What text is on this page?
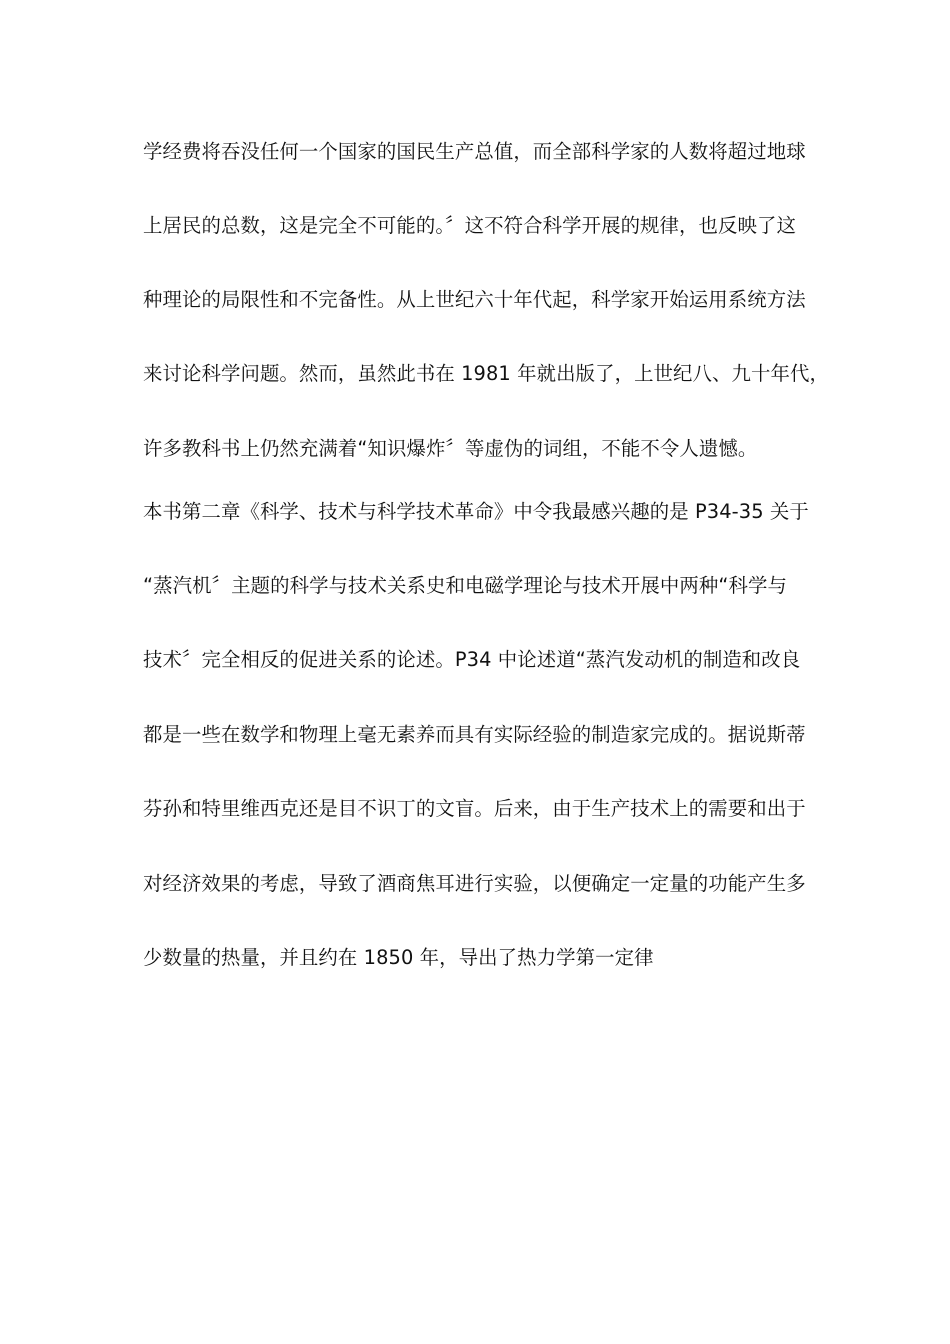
学经费将吞没任何一个国家的国民生产总值，而全部科学家的人数将超过地球
上居民的总数，这是完全不可能的。〞这不符合科学开展的规律，也反映了这
种理论的局限性和不完备性。从上世纪六十年代起，科学家开始运用系统方法
来讨论科学问题。然而，虽然此书在 1981 年就出版了，上世纪八、九十年代，
许多教科书上仍然充满着“知识爆炸〞等虚伪的词组，不能不令人遗憾。
本书第二章《科学、技术与科学技术革命》中令我最感兴趣的是 P34-35 关于
“蒸汽机〞主题的科学与技术关系史和电磁学理论与技术开展中两种“科学与
技术〞完全相反的促进关系的论述。P34 中论述道“蒸汽发动机的制造和改良
都是一些在数学和物理上毫无素养而具有实际经验的制造家完成的。据说斯蒂
芬孙和特里维西克还是目不识丁的文盲。后来，由于生产技术上的需要和出于
对经济效果的考虑，导致了酒商焦耳进行实验，以便确定一定量的功能产生多
少数量的热量，并且约在 1850 年，导出了热力学第一定律
